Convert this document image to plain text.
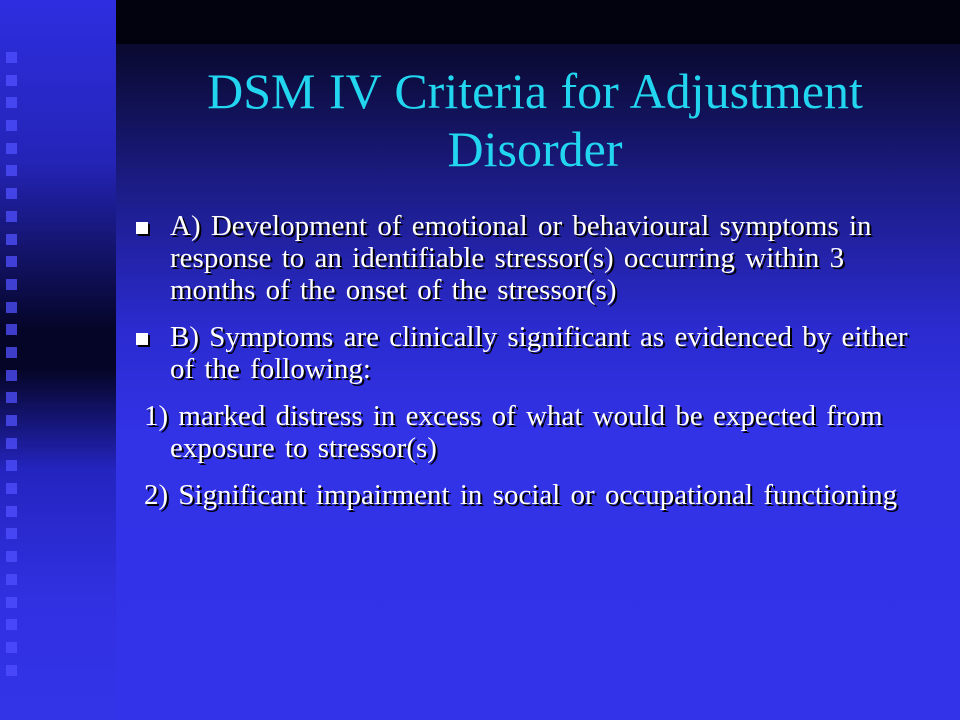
DSM IV Criteria for Adjustment Disorder
A) Development of emotional or behavioural symptoms in response to an identifiable stressor(s) occurring within 3 months of the onset of the stressor(s)
B) Symptoms are clinically significant as evidenced by either of the following:
1) marked distress in excess of what would be expected from exposure to stressor(s)
2) Significant impairment in social or occupational functioning
